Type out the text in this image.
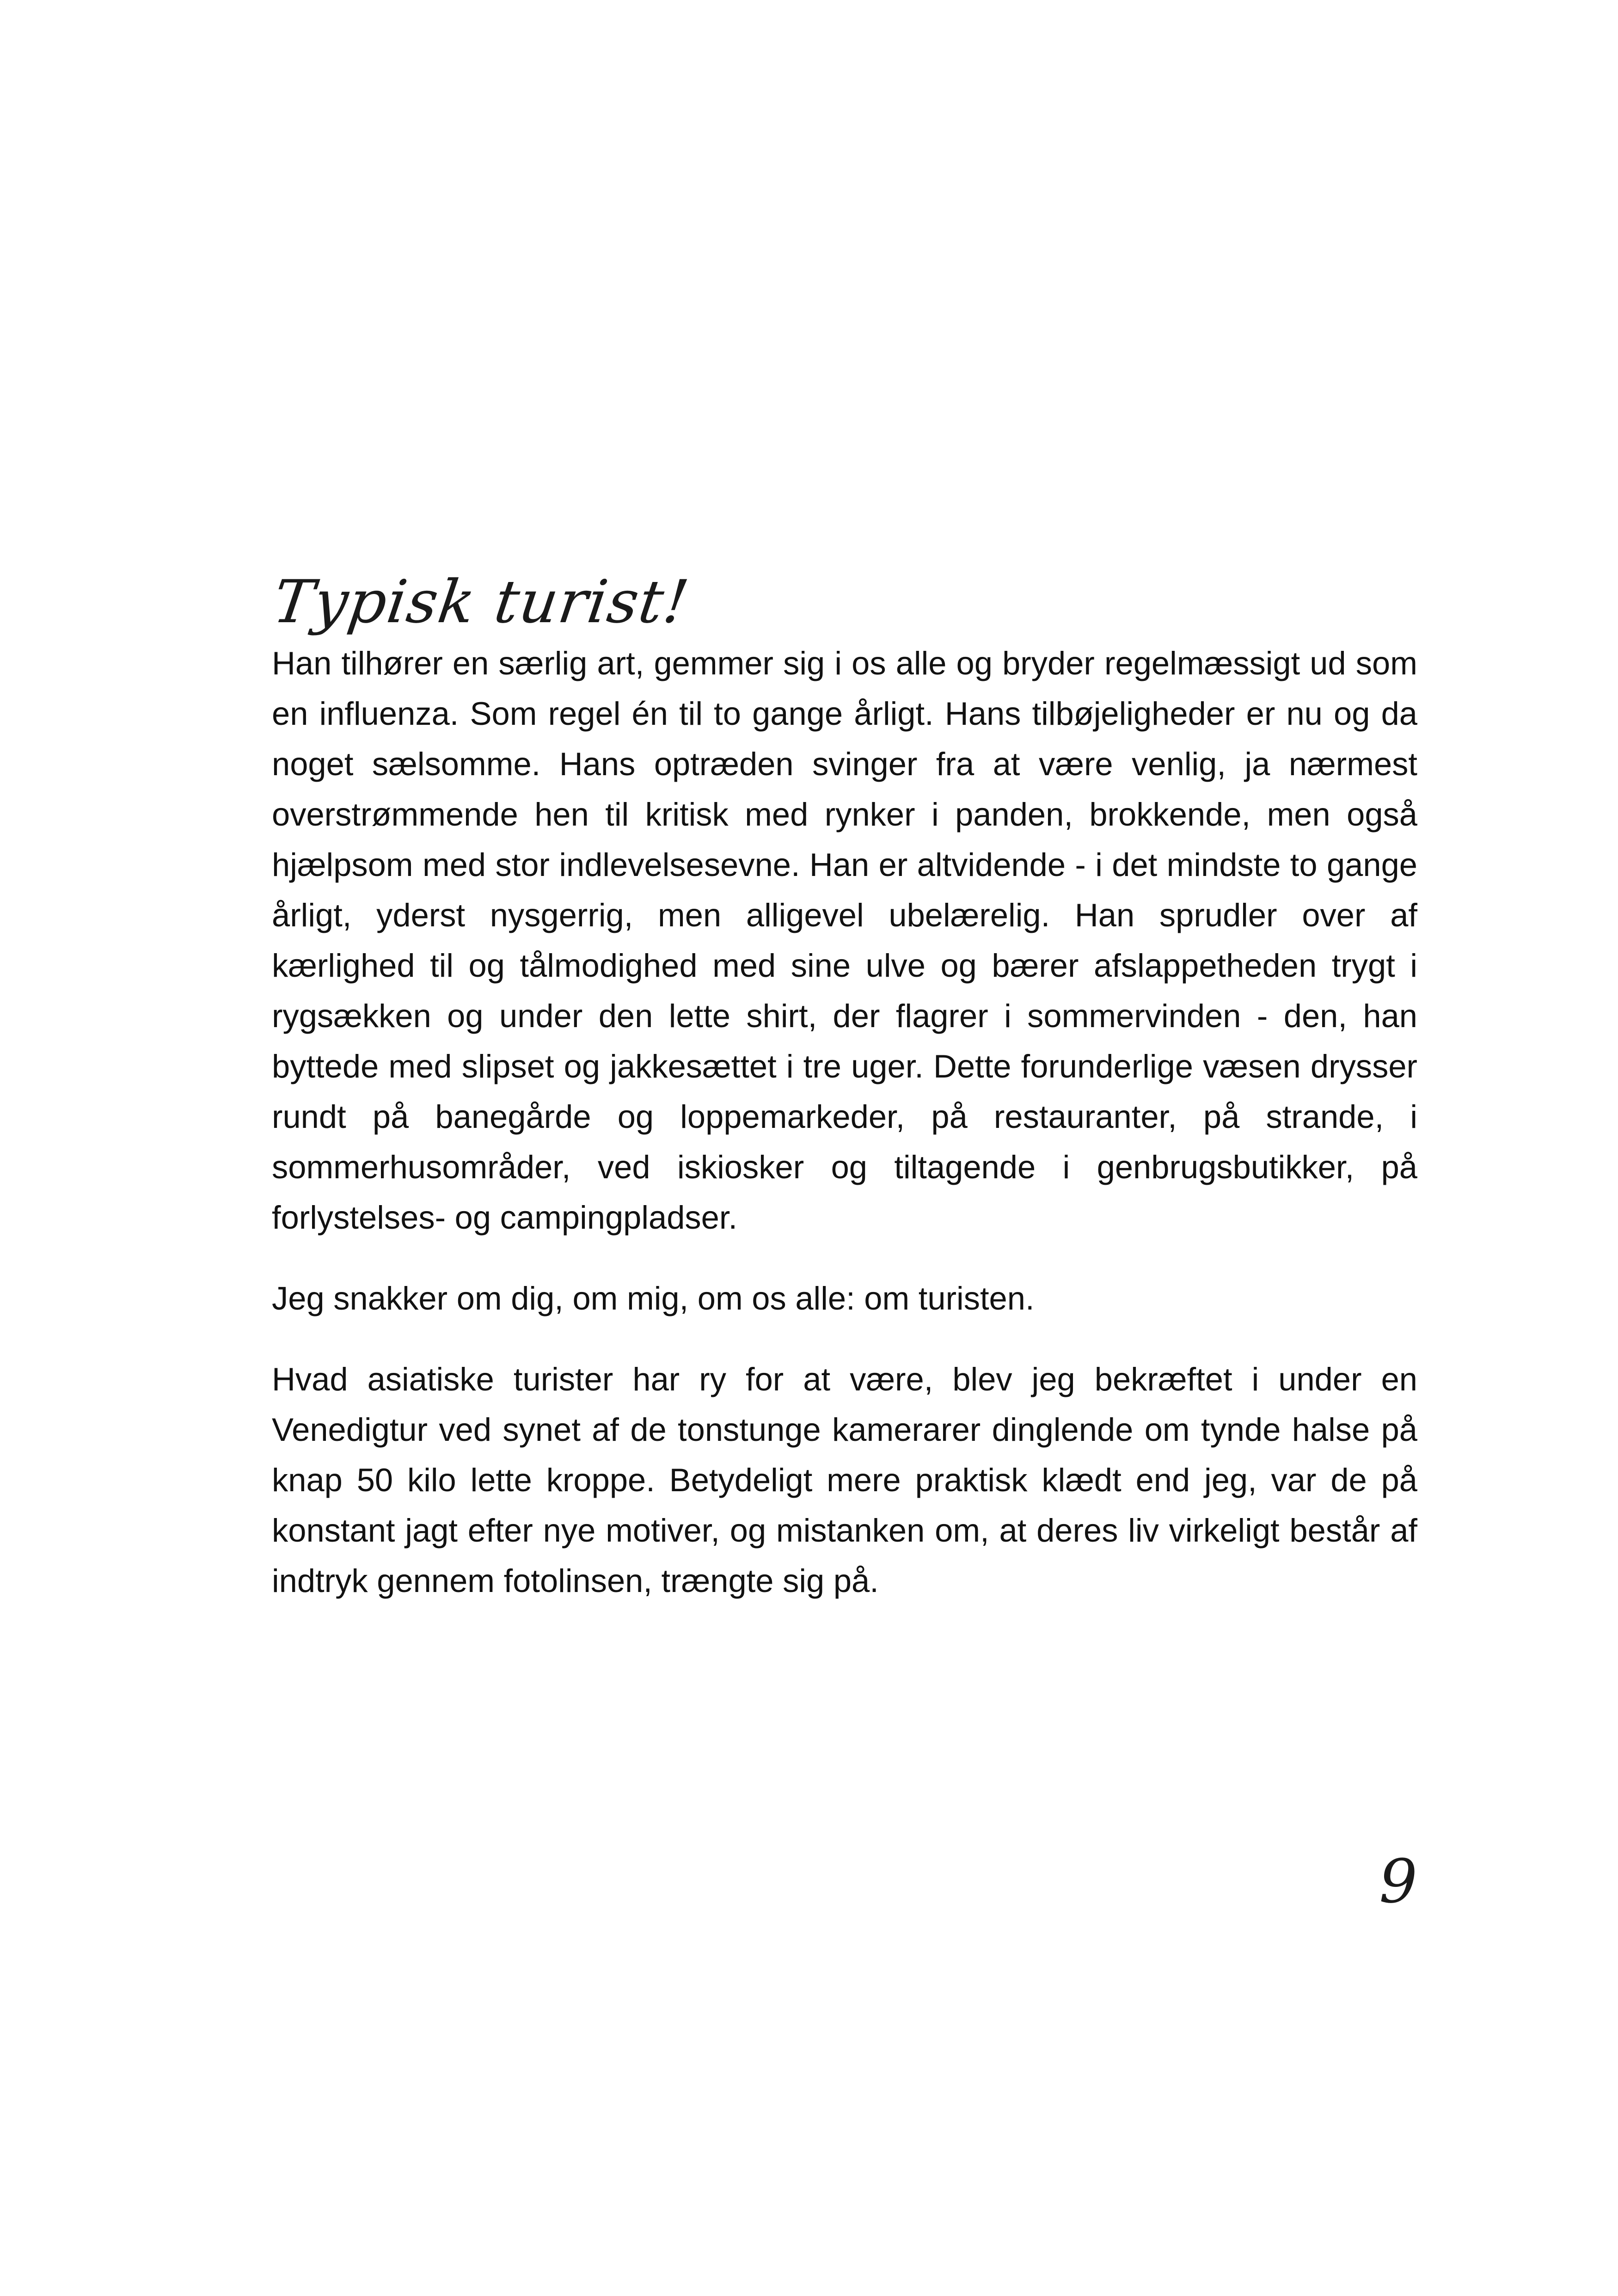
Typisk turist!

Han tilhører en særlig art, gemmer sig i os alle og bryder regelmæssigt ud som en influenza. Som regel én til to gange årligt. Hans tilbøjeligheder er nu og da noget sælsomme. Hans optræden svinger fra at være venlig, ja nærmest overstrømmende hen til kritisk med rynker i panden, brokkende, men også hjælpsom med stor indlevelsesevne. Han er altvidende - i det mindste to gange årligt, yderst nysgerrig, men alligevel ubelærelig. Han sprudler over af kærlighed til og tålmodighed med sine ulve og bærer afslappetheden trygt i rygsækken og under den lette shirt, der flagrer i sommervinden - den, han byttede med slipset og jakkesættet i tre uger. Dette forunderlige væsen drysser rundt på banegårde og loppemarkeder, på restauranter, på strande, i sommerhusområder, ved iskiosker og tiltagende i genbrugsbutikker, på forlystelses- og campingpladser.

Jeg snakker om dig, om mig, om os alle: om turisten.

Hvad asiatiske turister har ry for at være, blev jeg bekræftet i under en Venedigtur ved synet af de tonstunge kamerarer dinglende om tynde halse på knap 50 kilo lette kroppe. Betydeligt mere praktisk klædt end jeg, var de på konstant jagt efter nye motiver, og mistanken om, at deres liv virkeligt består af indtryk gennem fotolinsen, trængte sig på.

9
